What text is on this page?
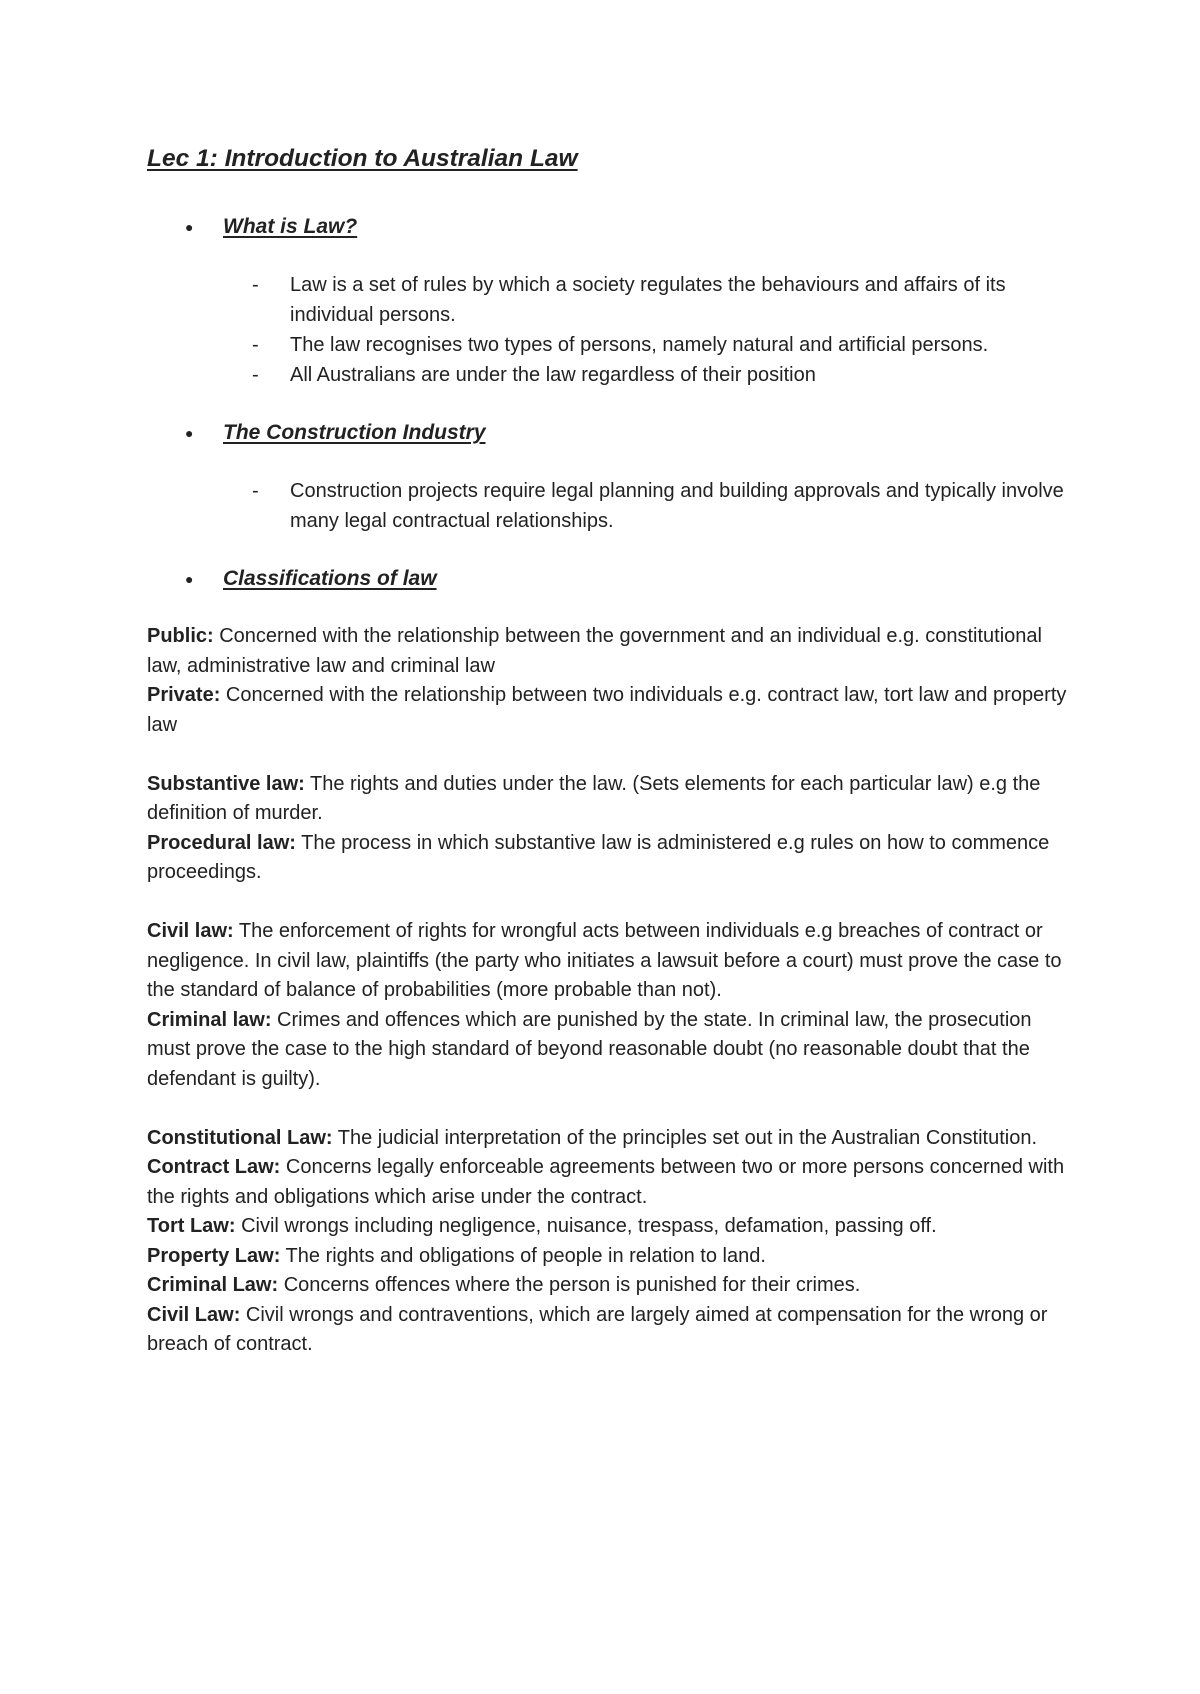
Lec 1: Introduction to Australian Law
●	What is Law?
- Law is a set of rules by which a society regulates the behaviours and affairs of its individual persons.
- The law recognises two types of persons, namely natural and artificial persons.
- All Australians are under the law regardless of their position
●	The Construction Industry
- Construction projects require legal planning and building approvals and typically involve many legal contractual relationships.
●	Classifications of law

Public: Concerned with the relationship between the government and an individual e.g. constitutional law, administrative law and criminal law

Private: Concerned with the relationship between two individuals e.g. contract law, tort law and property law

Substantive law: The rights and duties under the law. (Sets elements for each particular law) e.g the definition of murder.

Procedural law: The process in which substantive law is administered e.g rules on how to commence proceedings.

Civil law: The enforcement of rights for wrongful acts between individuals e.g breaches of contract or negligence. In civil law, plaintiffs (the party who initiates a lawsuit before a court) must prove the case to the standard of balance of probabilities (more probable than not).

Criminal law: Crimes and offences which are punished by the state. In criminal law, the prosecution must prove the case to the high standard of beyond reasonable doubt (no reasonable doubt that the defendant is guilty).

Constitutional Law: The judicial interpretation of the principles set out in the Australian Constitution.

Contract Law: Concerns legally enforceable agreements between two or more persons concerned with the rights and obligations which arise under the contract.

Tort Law: Civil wrongs including negligence, nuisance, trespass, defamation, passing off.

Property Law: The rights and obligations of people in relation to land.

Criminal Law: Concerns offences where the person is punished for their crimes.

Civil Law: Civil wrongs and contraventions, which are largely aimed at compensation for the wrong or breach of contract.
